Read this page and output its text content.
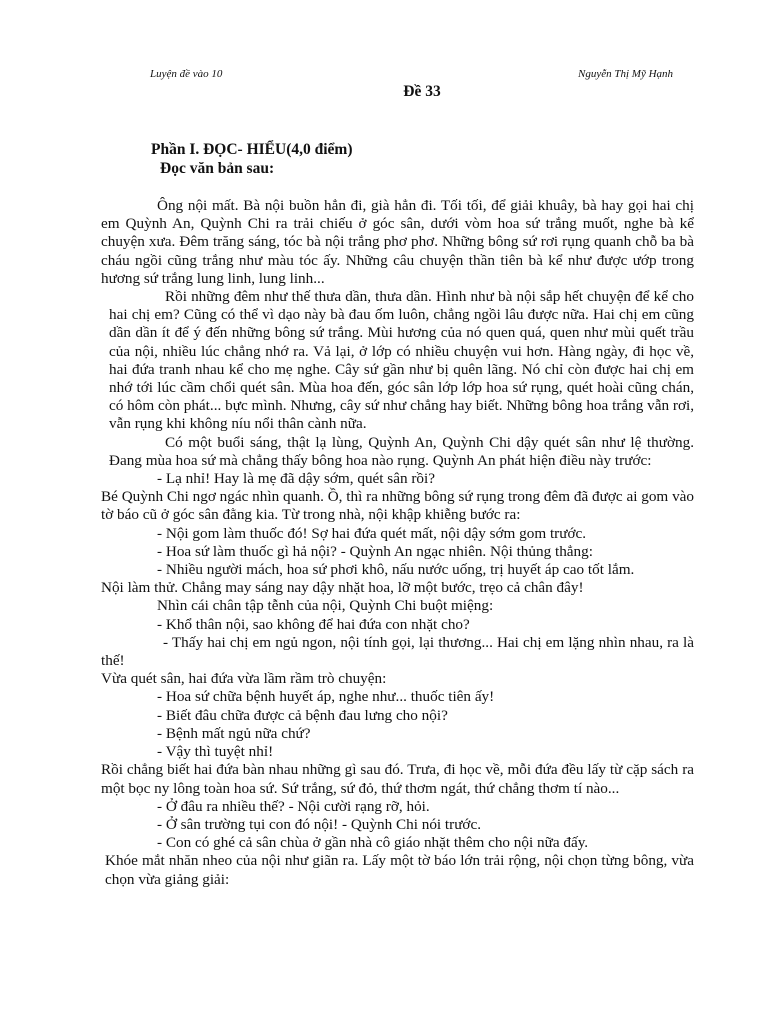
Luyện đề vào 10	Nguyễn Thị Mỹ Hạnh
Đề 33
Phần I. ĐỌC- HIỂU(4,0 điểm)
Đọc văn bản sau:

Ông nội mất. Bà nội buồn hẳn đi, già hẳn đi. Tối tối, để giải khuây, bà hay gọi hai chị em Quỳnh An, Quỳnh Chi ra trải chiếu ở góc sân, dưới vòm hoa sứ trắng muốt, nghe bà kể chuyện xưa. Đêm trăng sáng, tóc bà nội trắng phơ phơ. Những bông sứ rơi rụng quanh chỗ ba bà cháu ngồi cũng trắng như màu tóc ấy. Những câu chuyện thần tiên bà kể như được ướp trong hương sứ trắng lung linh, lung linh...

Rồi những đêm như thế thưa dần, thưa dần. Hình như bà nội sắp hết chuyện để kể cho hai chị em? Cũng có thể vì dạo này bà đau ốm luôn, chẳng ngồi lâu được nữa. Hai chị em cũng dần dần ít để ý đến những bông sứ trắng. Mùi hương của nó quen quá, quen như mùi quết trầu của nội, nhiều lúc chẳng nhớ ra. Vả lại, ở lớp có nhiều chuyện vui hơn. Hàng ngày, đi học về, hai đứa tranh nhau kể cho mẹ nghe. Cây sứ gần như bị quên lãng. Nó chỉ còn được hai chị em nhớ tới lúc cầm chổi quét sân. Mùa hoa đến, góc sân lớp lớp hoa sứ rụng, quét hoài cũng chán, có hôm còn phát... bực mình. Nhưng, cây sứ như chẳng hay biết. Những bông hoa trắng vẫn rơi, vẫn rụng khi không níu nổi thân cành nữa.

Có một buổi sáng, thật lạ lùng, Quỳnh An, Quỳnh Chi dậy quét sân như lệ thường. Đang mùa hoa sứ mà chẳng thấy bông hoa nào rụng. Quỳnh An phát hiện điều này trước:

- Lạ nhỉ! Hay là mẹ đã dậy sớm, quét sân rồi?

Bé Quỳnh Chi ngơ ngác nhìn quanh. Ồ, thì ra những bông sứ rụng trong đêm đã được ai gom vào tờ báo cũ ở góc sân đằng kia. Từ trong nhà, nội khập khiễng bước ra:

- Nội gom làm thuốc đó! Sợ hai đứa quét mất, nội dậy sớm gom trước.

- Hoa sứ làm thuốc gì hả nội? - Quỳnh An ngạc nhiên. Nội thủng thẳng:

- Nhiều người mách, hoa sứ phơi khô, nấu nước uống, trị huyết áp cao tốt lắm.

Nội làm thử. Chẳng may sáng nay dậy nhặt hoa, lỡ một bước, trẹo cả chân đây!

Nhìn cái chân tập tễnh của nội, Quỳnh Chi buột miệng:

- Khổ thân nội, sao không để hai đứa con nhặt cho?

- Thấy hai chị em ngủ ngon, nội tính gọi, lại thương... Hai chị em lặng nhìn nhau, ra là thế!

Vừa quét sân, hai đứa vừa lầm rầm trò chuyện:

- Hoa sứ chữa bệnh huyết áp, nghe như... thuốc tiên ấy!

- Biết đâu chữa được cả bệnh đau lưng cho nội?

- Bệnh mất ngủ nữa chứ?

- Vậy thì tuyệt nhỉ!

Rồi chẳng biết hai đứa bàn nhau những gì sau đó. Trưa, đi học về, mỗi đứa đều lấy từ cặp sách ra một bọc ny lông toàn hoa sứ. Sứ trắng, sứ đỏ, thứ thơm ngát, thứ chẳng thơm tí nào...

- Ở đâu ra nhiều thế? - Nội cười rạng rỡ, hỏi.

- Ở sân trường tụi con đó nội! - Quỳnh Chi nói trước.

- Con có ghé cả sân chùa ở gần nhà cô giáo nhặt thêm cho nội nữa đấy.

Khóe mắt nhăn nheo của nội như giãn ra. Lấy một tờ báo lớn trải rộng, nội chọn từng bông, vừa chọn vừa giảng giải:
